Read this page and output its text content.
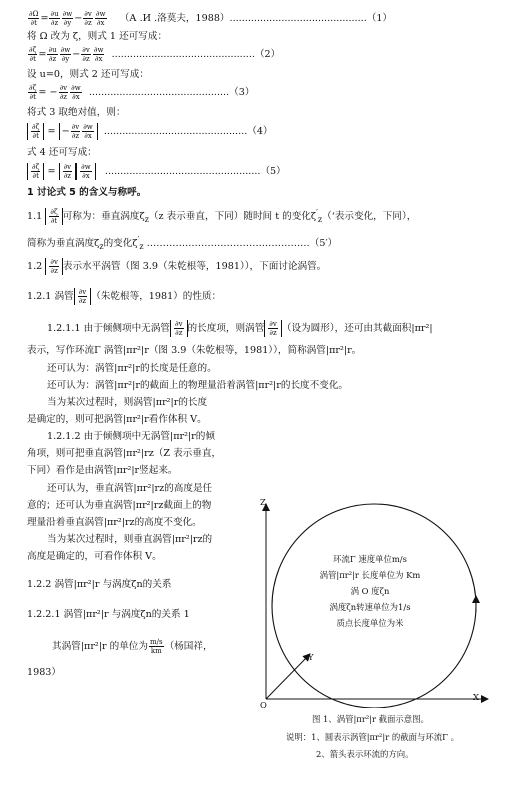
$\frac{\partial\Omega}{\partial t} = \frac{\partial u}{\partial z} \frac{\partial w}{\partial y} - \frac{\partial v}{\partial z} \frac{\partial w}{\partial x} (А$ .И .洛莫夫，1988）.............................................（1）
将 Ω 改为 ζ，则式 1 还可写成：
$\frac{\partial\zeta}{\partial t} = \frac{\partial u}{\partial z} \frac{\partial w}{\partial y} - \frac{\partial v}{\partial z} \frac{\partial w}{\partial x} ...............................................(2)$
设 u=0，则式 2 还可写成：
$\frac{\partial\zeta}{\partial t}$ = − $\frac{\partial v}{\partial z} \frac{\partial w}{\partial x} ..............................................(3)$
将式 3 取绝对值，则：
$\frac{\partial\zeta}{\partial t}$ = − $\frac{\partial v}{\partial z} \frac{\partial w}{\partial x} ...............................................(4)$
式 4 还可写成：
$\frac{\partial\zeta}{\partial t} = \frac{\partial v}{\partial z} \frac{\partial w}{\partial x} ...................................................(5)$
1 讨论式 5 的含义与称呼。
$1.1 \frac{\partial\zeta}{\partial t}$ 可称为：垂直涡度$\zeta_z(z$ 表示垂直，下同）随时间 t 的变化$\zeta'_z(‘$表示变化，下同），
简称为垂直涡度$\zeta_z$的变化$\zeta'_z$ ……………………………………………（5′）
$1.2 \frac{\partial v}{\partial z}$ 表示水平涡管（图 3.9（朱乾根等，1981）），下面讨论涡管。
1.2.1 涡管 $\frac{\partial v}{\partial z}$ （朱乾根等，1981）的性质：
1.2.1.1 由于倾侧项中无涡管 $\frac{\partial v}{\partial z}$ 的长度项，则涡管 $\frac{\partial v}{\partial z}$ （设为圆形），还可由其截面积|πr²|
表示，写作环流Γ 涡管|πr²|r（图 3.9（朱乾根等，1981）），简称涡管|πr²|r。
还可认为：涡管|πr²|r的长度是任意的。
还可认为：涡管|πr²|r的截面上的物理量沿着涡管|πr²|r的长度不变化。
当为某次过程时，则涡管|πr²|r的长度
是确定的，则可把涡管|πr²|r看作体积 V。
1.2.1.2 由于倾侧项中无涡管|πr²|r的倾
角项，则可把垂直涡管|πr²|rz（Z 表示垂直，
下同）看作是由涡管|πr²|r竖起来。
还可认为，垂直涡管|πr²|rz的高度是任
意的；还可认为垂直涡管|πr²|rz截面上的物
理量沿着垂直涡管|πr²|rz的高度不变化。
当为某次过程时，则垂直涡管|πr²|rz的
高度是确定的，可看作体积 V。
1.2.2 涡管|πr²|r 与涡度ζn的关系
1.2.2.1 涡管|πr²|r 与涡度ζn的关系 1
其涡管|πr²|r 的单位为 $\frac{m/s}{km}$ （杨国祥，
1983）
Z
Y
X
O
环流Γ 速度单位m/s
涡管|πr²|r 长度单位为 Km
涡 O 度ζn
涡度ζn转速单位为1/s
质点长度单位为米
图 1、涡管|πr²|r 截面示意图。
说明：1、圆表示涡管|πr²|r 的截面与环流Γ 。
2、箭头表示环流的方向。
